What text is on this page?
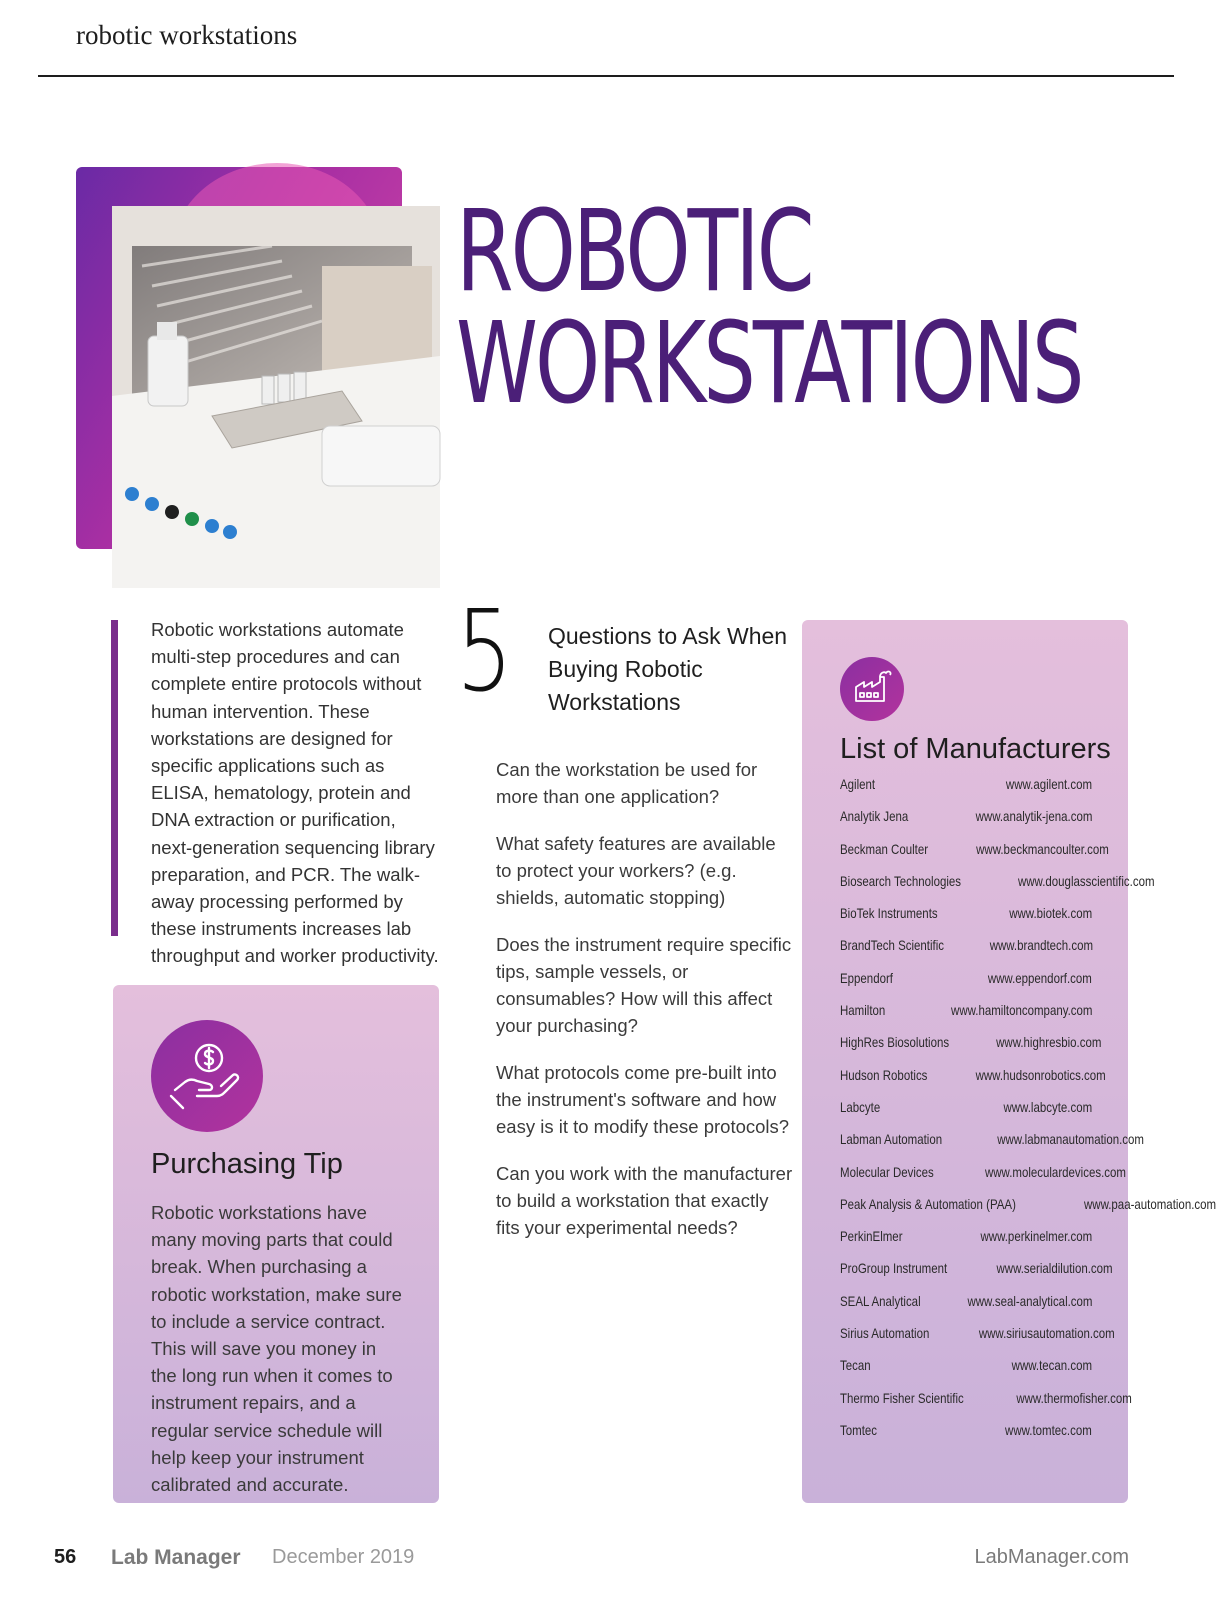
robotic workstations
ROBOTIC
WORKSTATIONS

Robotic workstations automate multi-step procedures and can complete entire protocols without human intervention. These workstations are designed for specific applications such as ELISA, hematology, protein and DNA extraction or purification, next-generation sequencing library preparation, and PCR. The walk-away processing performed by these instruments increases lab throughput and worker productivity.

5 Questions to Ask When Buying Robotic Workstations
Can the workstation be used for more than one application?
What safety features are available to protect your workers? (e.g. shields, automatic stopping)
Does the instrument require specific tips, sample vessels, or consumables? How will this affect your purchasing?
What protocols come pre-built into the instrument's software and how easy is it to modify these protocols?
Can you work with the manufacturer to build a workstation that exactly fits your experimental needs?
Purchasing Tip

Robotic workstations have many moving parts that could break. When purchasing a robotic workstation, make sure to include a service contract. This will save you money in the long run when it comes to instrument repairs, and a regular service schedule will help keep your instrument calibrated and accurate.

List of Manufacturers
Agilent	www.agilent.com
Analytik Jena	www.analytik-jena.com
Beckman Coulter	www.beckmancoulter.com
Biosearch Technologies	www.douglasscientific.com
BioTek Instruments	www.biotek.com
BrandTech Scientific	www.brandtech.com
Eppendorf	www.eppendorf.com
Hamilton	www.hamiltoncompany.com
HighRes Biosolutions	www.highresbio.com
Hudson Robotics	www.hudsonrobotics.com
Labcyte	www.labcyte.com
Labman Automation	www.labmanautomation.com
Molecular Devices	www.moleculardevices.com
Peak Analysis & Automation (PAA)	www.paa-automation.com
PerkinElmer	www.perkinelmer.com
ProGroup Instrument	www.serialdilution.com
SEAL Analytical	www.seal-analytical.com
Sirius Automation	www.siriusautomation.com
Tecan	www.tecan.com
Thermo Fisher Scientific	www.thermofisher.com
Tomtec	www.tomtec.com
56 Lab Manager December 2019	LabManager.com
